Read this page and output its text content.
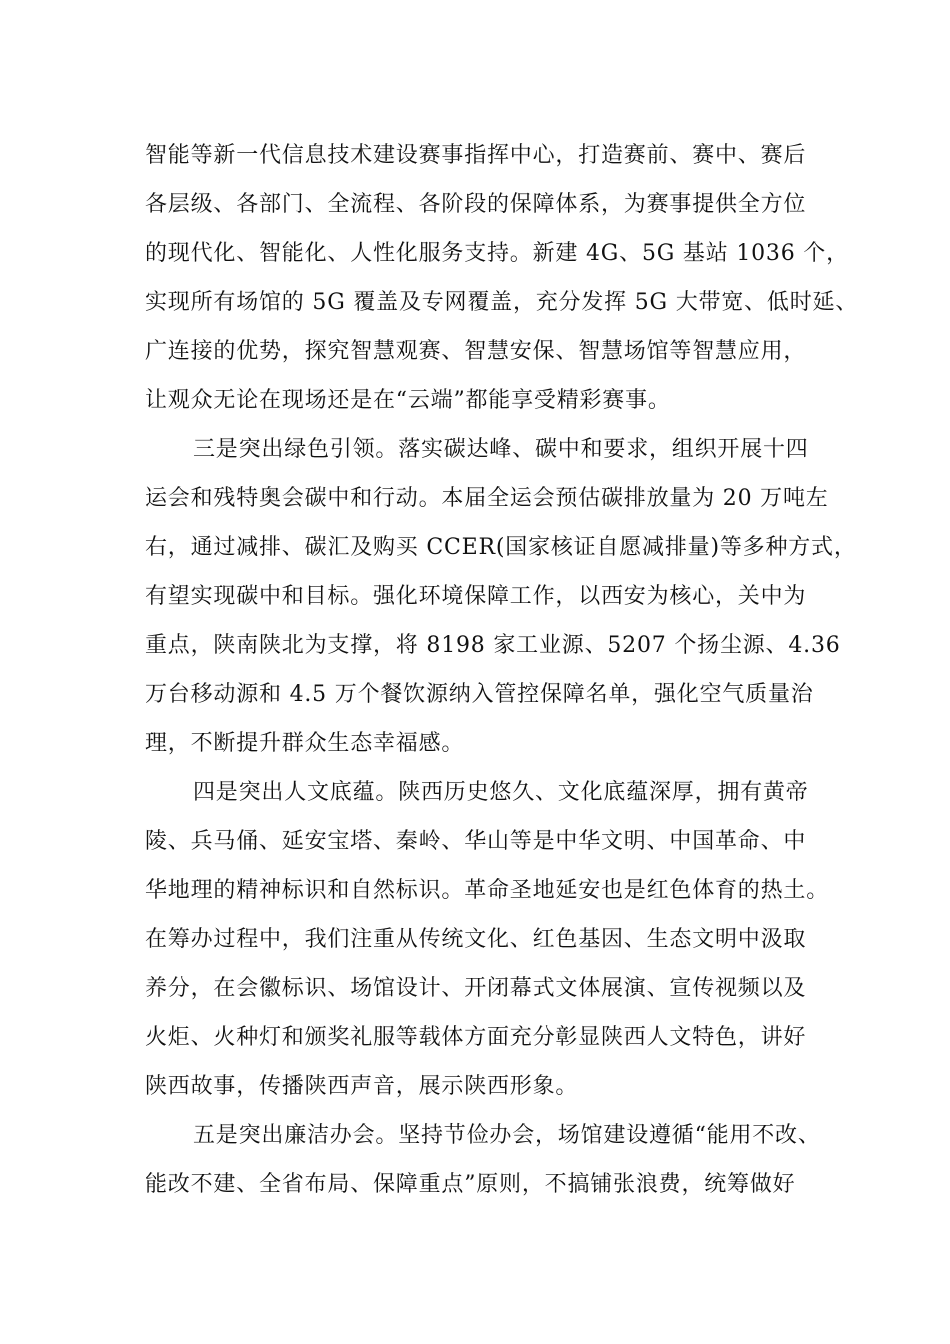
智能等新一代信息技术建设赛事指挥中心，打造赛前、赛中、赛后
各层级、各部门、全流程、各阶段的保障体系，为赛事提供全方位
的现代化、智能化、人性化服务支持。新建 4G、5G 基站 1036 个，
实现所有场馆的 5G 覆盖及专网覆盖，充分发挥 5G 大带宽、低时延、
广连接的优势，探究智慧观赛、智慧安保、智慧场馆等智慧应用，
让观众无论在现场还是在“云端”都能享受精彩赛事。
三是突出绿色引领。落实碳达峰、碳中和要求，组织开展十四
运会和残特奥会碳中和行动。本届全运会预估碳排放量为 20 万吨左
右，通过减排、碳汇及购买 CCER(国家核证自愿减排量)等多种方式，
有望实现碳中和目标。强化环境保障工作，以西安为核心，关中为
重点，陕南陕北为支撑，将 8198 家工业源、5207 个扬尘源、4.36
万台移动源和 4.5 万个餐饮源纳入管控保障名单，强化空气质量治
理，不断提升群众生态幸福感。
四是突出人文底蕴。陕西历史悠久、文化底蕴深厚，拥有黄帝
陵、兵马俑、延安宝塔、秦岭、华山等是中华文明、中国革命、中
华地理的精神标识和自然标识。革命圣地延安也是红色体育的热土。
在筹办过程中，我们注重从传统文化、红色基因、生态文明中汲取
养分，在会徽标识、场馆设计、开闭幕式文体展演、宣传视频以及
火炬、火种灯和颁奖礼服等载体方面充分彰显陕西人文特色，讲好
陕西故事，传播陕西声音，展示陕西形象。
五是突出廉洁办会。坚持节俭办会，场馆建设遵循“能用不改、
能改不建、全省布局、保障重点”原则，不搞铺张浪费，统筹做好
